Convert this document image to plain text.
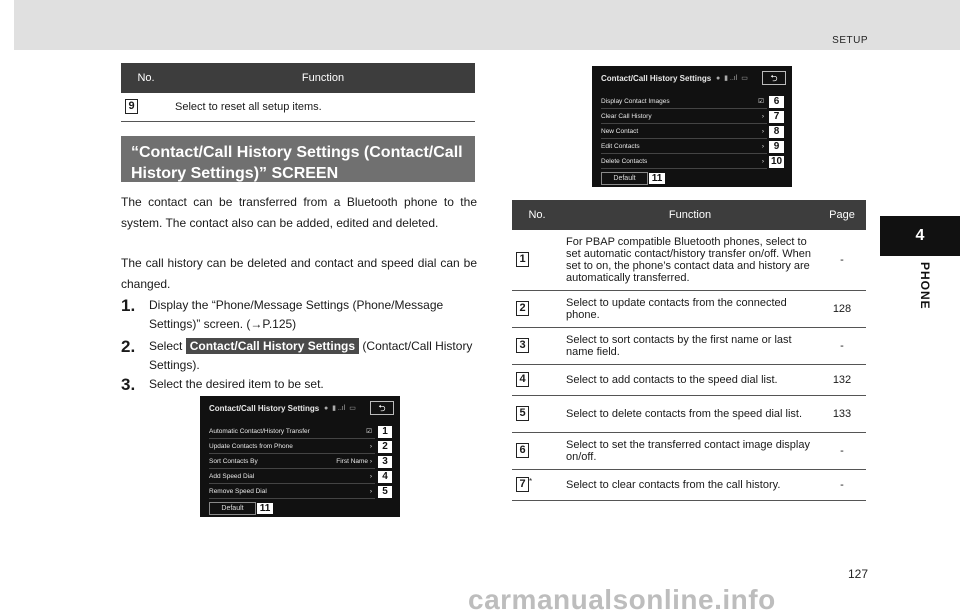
SETUP
4
PHONE
127
carmanualsonline.info
No.	Function
9	Select to reset all setup items.
“Contact/Call History Settings (Contact/Call History Settings)” SCREEN
The contact can be transferred from a Bluetooth phone to the system. The contact also can be added, edited and deleted.
The call history can be deleted and contact and speed dial can be changed.
1. Display the “Phone/Message Settings (Phone/Message Settings)” screen. (→P.125)
2. Select Contact/Call History Settings (Contact/Call History Settings).
3. Select the desired item to be set.
Contact/Call History Settings ●  ▮ ..ıl  ▭	⮌
Automatic Contact/History Transfer	☑
Update Contacts from Phone	›
Sort Contacts By	First Name ›
Add Speed Dial	›
Remove Speed Dial	›
1
2
3
4
5
Default	11
Contact/Call History Settings ●  ▮ ..ıl  ▭	⮌
Display Contact Images	☑
Clear Call History	›
New Contact	›
Edit Contacts	›
Delete Contacts	›
6
7
8
9
10
Default	11
No.	Function	Page
1	For PBAP compatible Bluetooth phones, select to set automatic contact/history transfer on/off. When set to on, the phone’s contact data and history are automatically transferred.	-
2	Select to update contacts from the connected phone.	128
3	Select to sort contacts by the first name or last name field.	-
4	Select to add contacts to the speed dial list.	132
5	Select to delete contacts from the speed dial list.	133
6	Select to set the transferred contact image display on/off.	-
7 *	Select to clear contacts from the call history.	-
